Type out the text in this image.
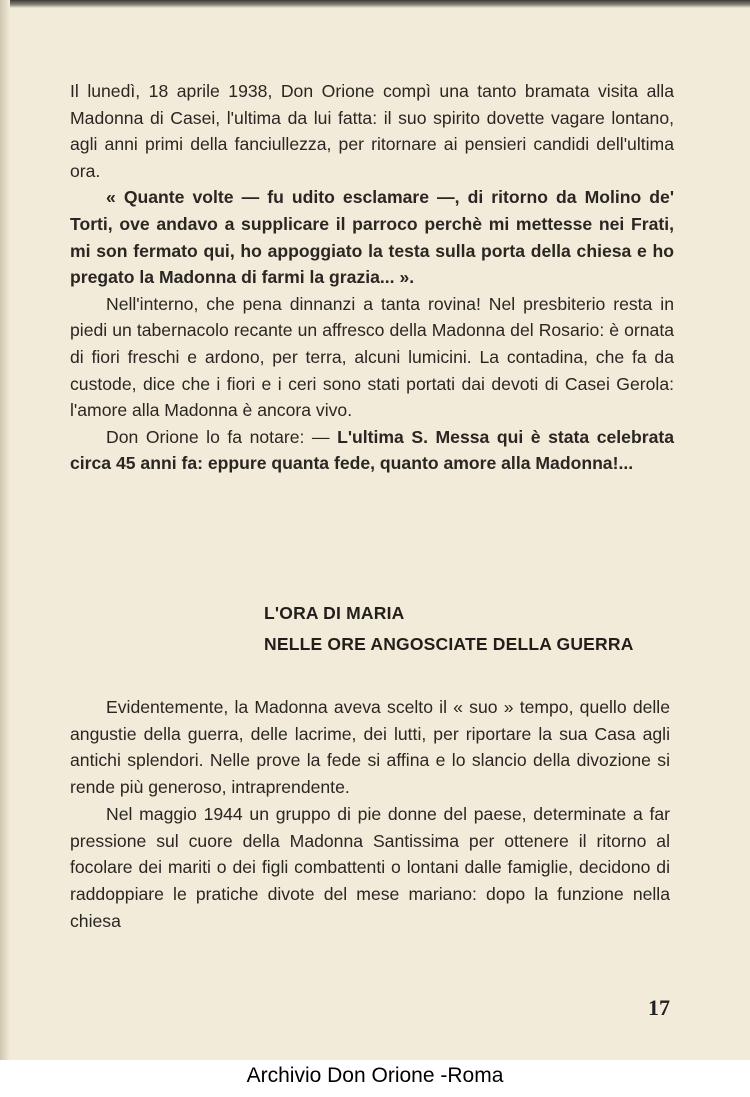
Il lunedì, 18 aprile 1938, Don Orione compì una tanto bramata visita alla Madonna di Casei, l'ultima da lui fatta: il suo spirito dovette vagare lontano, agli anni primi della fanciullezza, per ritornare ai pensieri candidi dell'ultima ora.

« Quante volte — fu udito esclamare —, di ritorno da Molino de' Torti, ove andavo a supplicare il parroco perchè mi mettesse nei Frati, mi son fermato qui, ho appoggiato la testa sulla porta della chiesa e ho pregato la Madonna di farmi la grazia... ».

Nell'interno, che pena dinnanzi a tanta rovina! Nel presbiterio resta in piedi un tabernacolo recante un affresco della Madonna del Rosario: è ornata di fiori freschi e ardono, per terra, alcuni lumicini. La contadina, che fa da custode, dice che i fiori e i ceri sono stati portati dai devoti di Casei Gerola: l'amore alla Madonna è ancora vivo.

Don Orione lo fa notare: — L'ultima S. Messa qui è stata celebrata circa 45 anni fa: eppure quanta fede, quanto amore alla Madonna!...

L'ORA DI MARIA
NELLE ORE ANGOSCIATE DELLA GUERRA

Evidentemente, la Madonna aveva scelto il « suo » tempo, quello delle angustie della guerra, delle lacrime, dei lutti, per riportare la sua Casa agli antichi splendori. Nelle prove la fede si affina e lo slancio della divozione si rende più generoso, intraprendente.

Nel maggio 1944 un gruppo di pie donne del paese, determinate a far pressione sul cuore della Madonna Santissima per ottenere il ritorno al focolare dei mariti o dei figli combattenti o lontani dalle famiglie, decidono di raddoppiare le pratiche divote del mese mariano: dopo la funzione nella chiesa

17
Archivio Don Orione -Roma
